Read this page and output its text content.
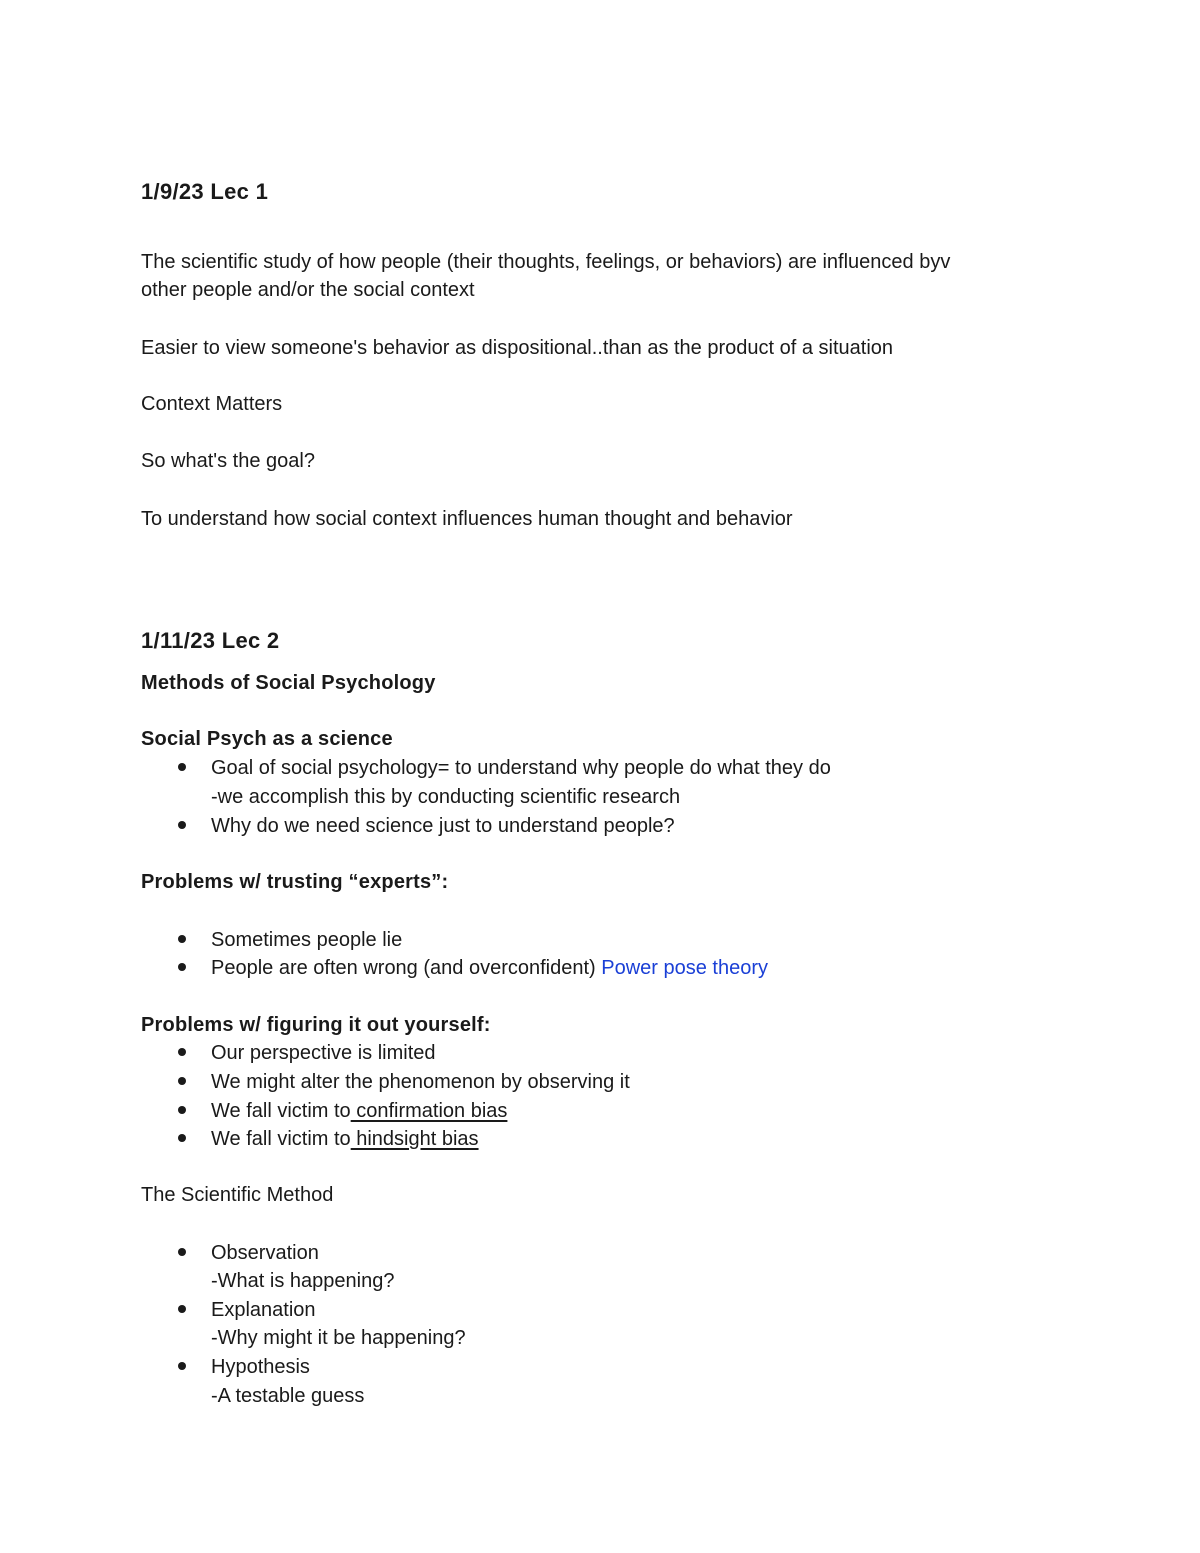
1/9/23 Lec 1
The scientific study of how people (their thoughts, feelings, or behaviors) are influenced byv
other people and/or the social context
Easier to view someone's behavior as dispositional..than as the product of a situation
Context Matters
So what's the goal?
To understand how social context influences human thought and behavior
1/11/23 Lec 2
Methods of Social Psychology
Social Psych as a science
Goal of social psychology= to understand why people do what they do
-we accomplish this by conducting scientific research
Why do we need science just to understand people?
Problems w/ trusting “experts”:
Sometimes people lie
People are often wrong (and overconfident) Power pose theory
Problems w/ figuring it out yourself:
Our perspective is limited
We might alter the phenomenon by observing it
We fall victim to confirmation bias
We fall victim to hindsight bias
The Scientific Method
Observation
-What is happening?
Explanation
-Why might it be happening?
Hypothesis
-A testable guess
